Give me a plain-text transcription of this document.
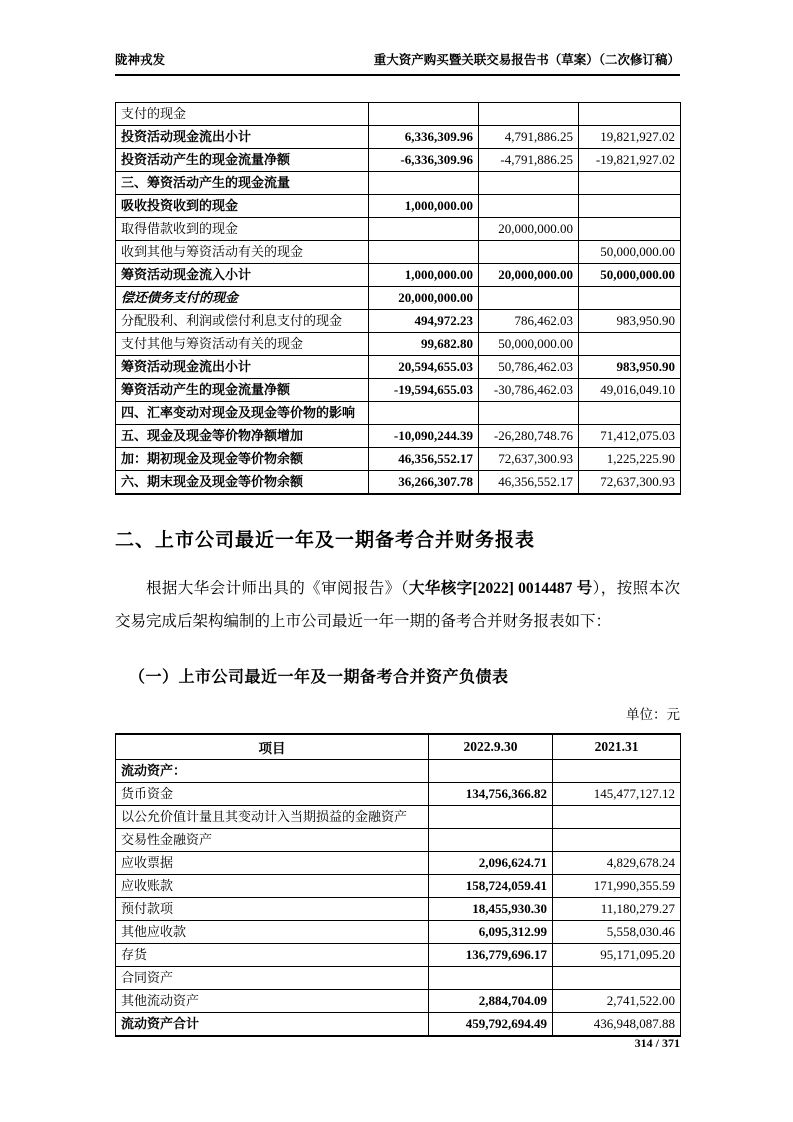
陇神戎发	重大资产购买暨关联交易报告书（草案）（二次修订稿）
支付的现金			
投资活动现金流出小计	6,336,309.96	4,791,886.25	19,821,927.02
投资活动产生的现金流量净额	-6,336,309.96	-4,791,886.25	-19,821,927.02
三、筹资活动产生的现金流量			
吸收投资收到的现金	1,000,000.00		
取得借款收到的现金		20,000,000.00	
收到其他与筹资活动有关的现金			50,000,000.00
筹资活动现金流入小计	1,000,000.00	20,000,000.00	50,000,000.00
偿还债务支付的现金	20,000,000.00		
分配股利、利润或偿付利息支付的现金	494,972.23	786,462.03	983,950.90
支付其他与筹资活动有关的现金	99,682.80	50,000,000.00	
筹资活动现金流出小计	20,594,655.03	50,786,462.03	983,950.90
筹资活动产生的现金流量净额	-19,594,655.03	-30,786,462.03	49,016,049.10
四、汇率变动对现金及现金等价物的影响			
五、现金及现金等价物净额增加	-10,090,244.39	-26,280,748.76	71,412,075.03
加：期初现金及现金等价物余额	46,356,552.17	72,637,300.93	1,225,225.90
六、期末现金及现金等价物余额	36,266,307.78	46,356,552.17	72,637,300.93
二、上市公司最近一年及一期备考合并财务报表

根据大华会计师出具的《审阅报告》（大华核字[2022] 0014487 号），按照本次交易完成后架构编制的上市公司最近一年一期的备考合并财务报表如下：

（一）上市公司最近一年及一期备考合并资产负债表
单位：元
项目	2022.9.30	2021.31
流动资产：		
货币资金	134,756,366.82	145,477,127.12
以公允价值计量且其变动计入当期损益的金融资产		
交易性金融资产		
应收票据	2,096,624.71	4,829,678.24
应收账款	158,724,059.41	171,990,355.59
预付款项	18,455,930.30	11,180,279.27
其他应收款	6,095,312.99	5,558,030.46
存货	136,779,696.17	95,171,095.20
合同资产		
其他流动资产	2,884,704.09	2,741,522.00
流动资产合计	459,792,694.49	436,948,087.88
314 / 371
